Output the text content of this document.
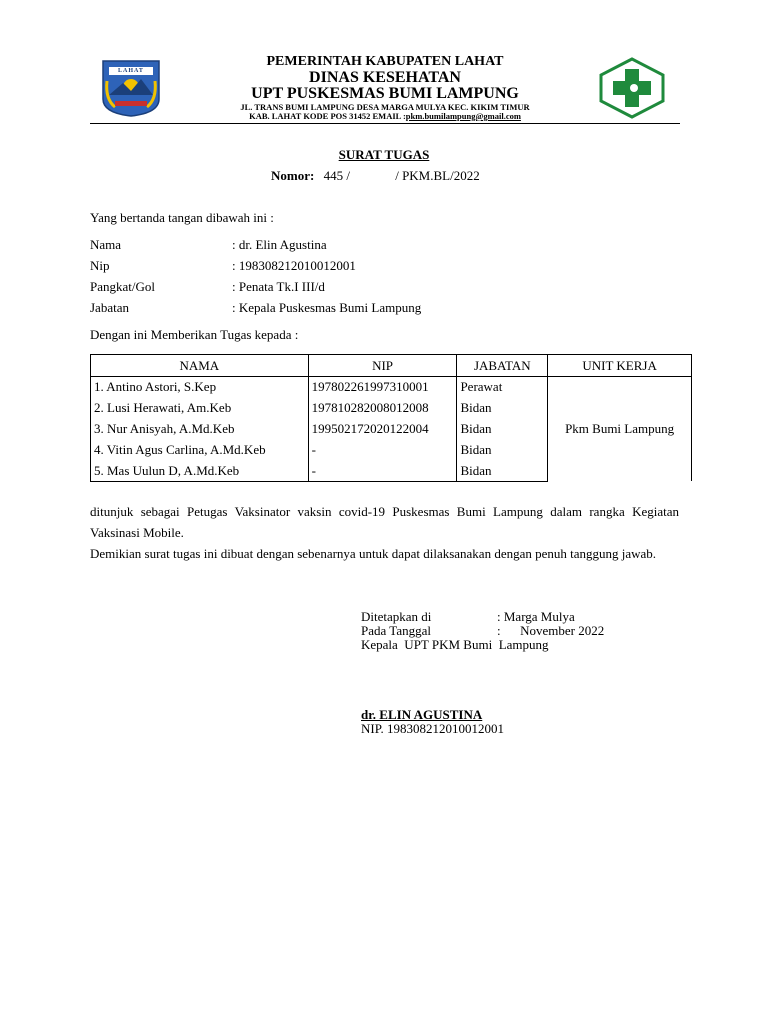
LAHAT
PEMERINTAH KABUPATEN LAHAT
DINAS KESEHATAN
UPT PUSKESMAS BUMI LAMPUNG
JL. TRANS BUMI LAMPUNG DESA MARGA MULYA KEC. KIKIM TIMUR
KAB. LAHAT KODE POS 31452 EMAIL :pkm.bumilampung@gmail.com
SURAT TUGAS
Nomor: 445 /	/ PKM.BL/2022
Yang bertanda tangan dibawah ini :
Nama	: dr. Elin Agustina
Nip	: 198308212010012001
Pangkat/Gol	: Penata Tk.I III/d
Jabatan	: Kepala Puskesmas Bumi Lampung
Dengan ini Memberikan Tugas kepada :
NAMA	NIP	JABATAN	UNIT KERJA
1. Antino Astori, S.Kep	197802261997310001	Perawat	Pkm Bumi Lampung
2. Lusi Herawati, Am.Keb	197810282008012008	Bidan	
3. Nur Anisyah, A.Md.Keb	199502172020122004	Bidan	
4. Vitin Agus Carlina, A.Md.Keb	-	Bidan	
5. Mas Uulun D, A.Md.Keb	-	Bidan	
ditunjuk sebagai Petugas Vaksinator vaksin covid-19 Puskesmas Bumi Lampung dalam rangka Kegiatan Vaksinasi Mobile.
Demikian surat tugas ini dibuat dengan sebenarnya untuk dapat dilaksanakan dengan penuh tanggung jawab.
Ditetapkan di	: Marga Mulya
Pada Tanggal	:      November 2022
Kepala  UPT PKM Bumi  Lampung
dr. ELIN AGUSTINA
NIP. 198308212010012001
